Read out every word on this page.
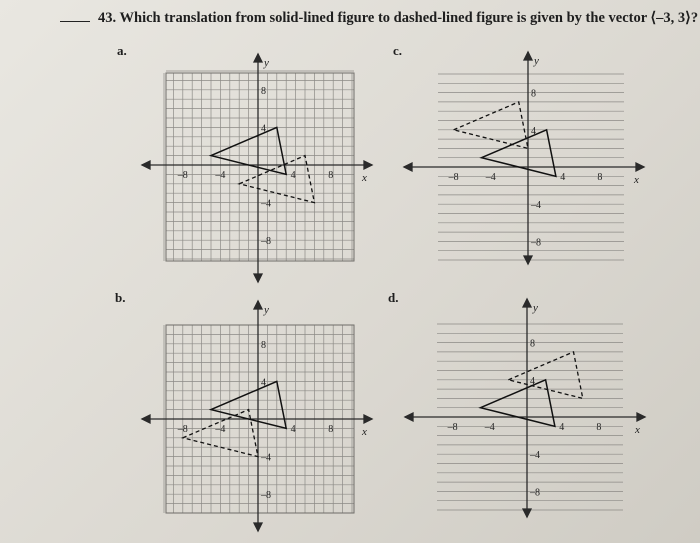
43. Which translation from solid-lined figure to dashed-lined figure is given by the vector ⟨–3, 3⟩?
a.
y
x
–8	–4	4	8
8
4
–4
–8
c.
y
x
–8	–4	4	8
8
4
–4
–8
b.
y
x
–8	–4	4	8
8
4
–4
–8
d.
y
x
–8	–4	4	8
8
4
–4
–8
